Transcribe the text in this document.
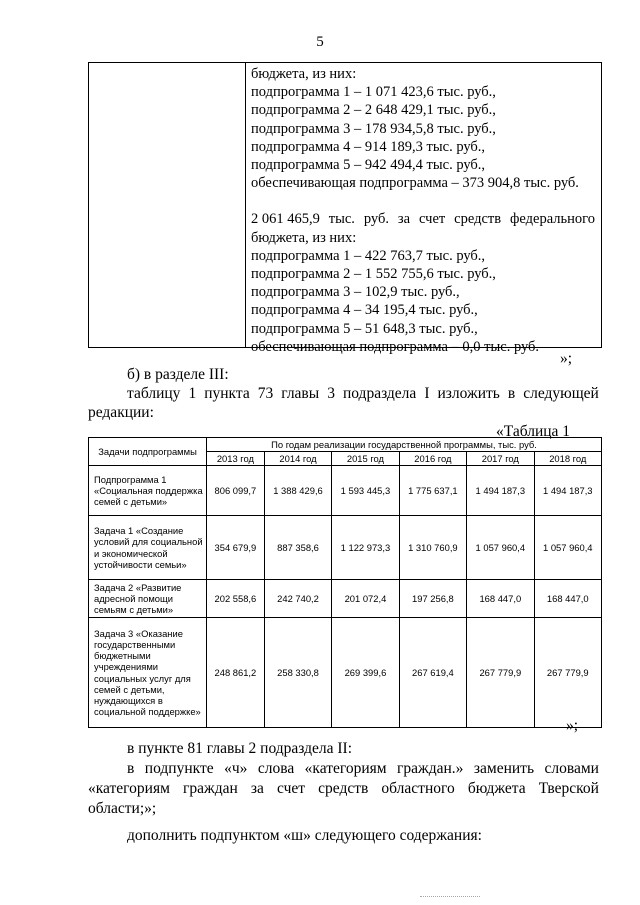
5
бюджета, из них:
подпрограмма 1 – 1 071 423,6 тыс. руб.,
подпрограмма 2 – 2 648 429,1 тыс. руб.,
подпрограмма 3 – 178 934,5,8 тыс. руб.,
подпрограмма 4 – 914 189,3 тыс. руб.,
подпрограмма 5 – 942 494,4 тыс. руб.,
обеспечивающая подпрограмма – 373 904,8 тыс. руб.
2 061 465,9 тыс. руб. за счет средств федерального
бюджета, из них:
подпрограмма 1 – 422 763,7 тыс. руб.,
подпрограмма 2 – 1 552 755,6 тыс. руб.,
подпрограмма 3 – 102,9 тыс. руб.,
подпрограмма 4 – 34 195,4 тыс. руб.,
подпрограмма 5 – 51 648,3 тыс. руб.,
обеспечивающая подпрограмма – 0,0 тыс. руб.
»;
б) в разделе III:
таблицу 1 пункта 73 главы 3 подраздела I изложить в следующей
редакции:
«Таблица 1
Задачи подпрограммы	По годам реализации государственной программы, тыс. руб.					
	2013 год	2014 год	2015 год	2016 год	2017 год	2018 год
Подпрограмма 1 «Социальная поддержка семей с детьми»	806 099,7	1 388 429,6	1 593 445,3	1 775 637,1	1 494 187,3	1 494 187,3
Задача 1 «Создание условий для социальной и экономической устойчивости семьи»	354 679,9	887 358,6	1 122 973,3	1 310 760,9	1 057 960,4	1 057 960,4
Задача 2 «Развитие адресной помощи семьям с детьми»	202 558,6	242 740,2	201 072,4	197 256,8	168 447,0	168 447,0
Задача 3 «Оказание государственными бюджетными учреждениями социальных услуг для семей с детьми, нуждающихся в социальной поддержке»	248 861,2	258 330,8	269 399,6	267 619,4	267 779,9	267 779,9
»;
в пункте 81 главы 2 подраздела II:
в подпункте «ч» слова «категориям граждан.» заменить словами
«категориям граждан за счет средств областного бюджета Тверской
области;»;
дополнить подпунктом «ш» следующего содержания:
